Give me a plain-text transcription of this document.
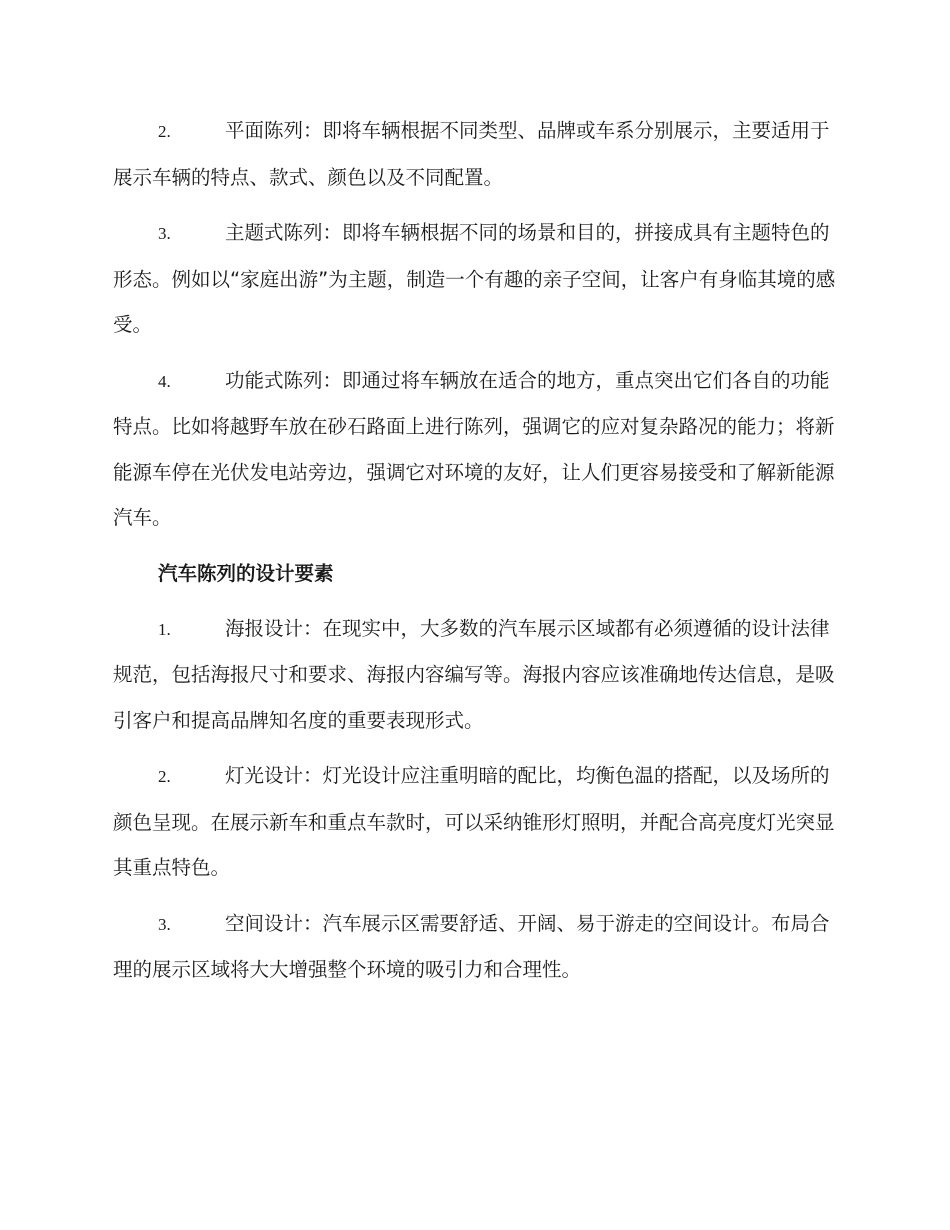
2.	平面陈列：即将车辆根据不同类型、品牌或车系分别展示，主要适用于展示车辆的特点、款式、颜色以及不同配置。
3.	主题式陈列：即将车辆根据不同的场景和目的，拼接成具有主题特色的形态。例如以“家庭出游”为主题，制造一个有趣的亲子空间，让客户有身临其境的感受。
4.	功能式陈列：即通过将车辆放在适合的地方，重点突出它们各自的功能特点。比如将越野车放在砂石路面上进行陈列，强调它的应对复杂路况的能力；将新能源车停在光伏发电站旁边，强调它对环境的友好，让人们更容易接受和了解新能源汽车。
汽车陈列的设计要素
1.	海报设计：在现实中，大多数的汽车展示区域都有必须遵循的设计法律规范，包括海报尺寸和要求、海报内容编写等。海报内容应该准确地传达信息，是吸引客户和提高品牌知名度的重要表现形式。
2.	灯光设计：灯光设计应注重明暗的配比，均衡色温的搭配，以及场所的颜色呈现。在展示新车和重点车款时，可以采纳锥形灯照明，并配合高亮度灯光突显其重点特色。
3.	空间设计：汽车展示区需要舒适、开阔、易于游走的空间设计。布局合理的展示区域将大大增强整个环境的吸引力和合理性。
